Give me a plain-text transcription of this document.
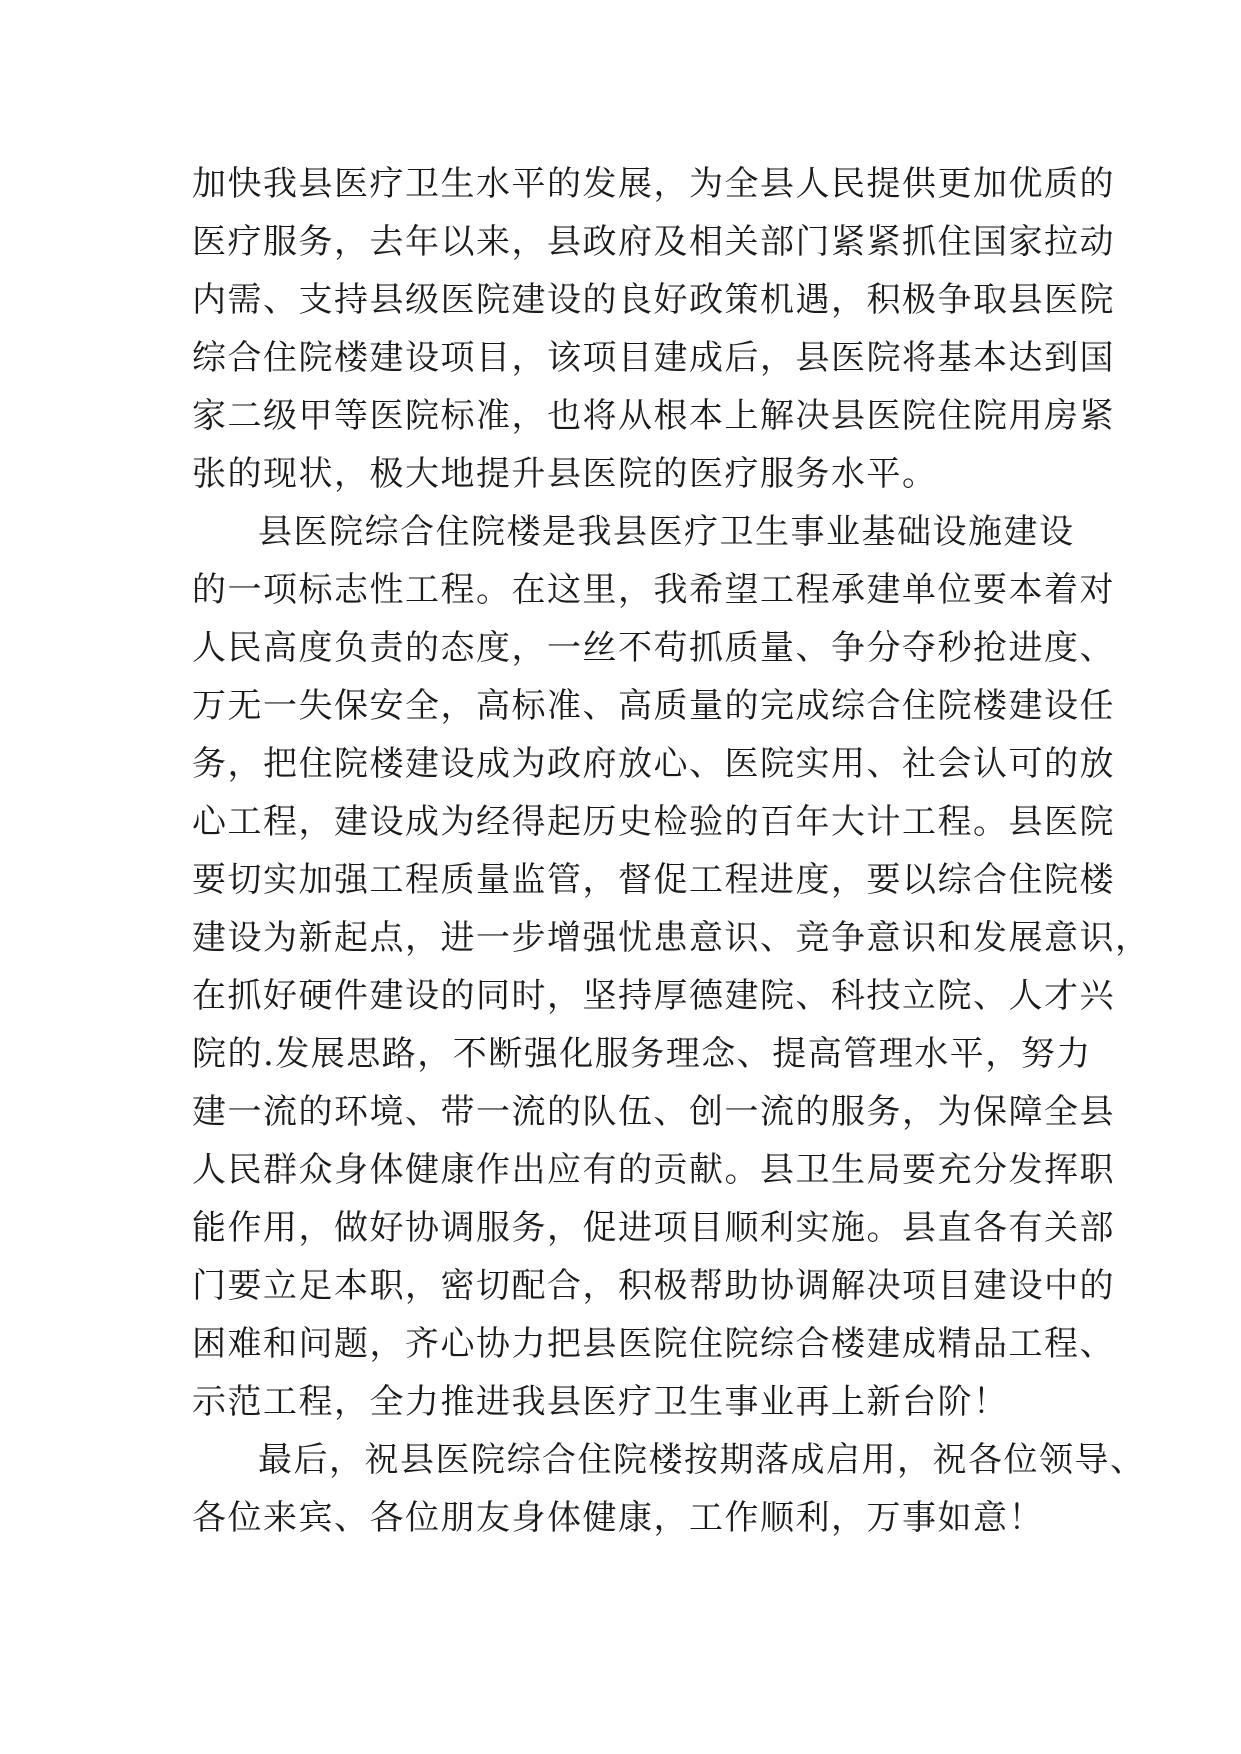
加快我县医疗卫生水平的发展，为全县人民提供更加优质的
医疗服务，去年以来，县政府及相关部门紧紧抓住国家拉动
内需、支持县级医院建设的良好政策机遇，积极争取县医院
综合住院楼建设项目，该项目建成后，县医院将基本达到国
家二级甲等医院标准，也将从根本上解决县医院住院用房紧
张的现状，极大地提升县医院的医疗服务水平。
县医院综合住院楼是我县医疗卫生事业基础设施建设
的一项标志性工程。在这里，我希望工程承建单位要本着对
人民高度负责的态度，一丝不苟抓质量、争分夺秒抢进度、
万无一失保安全，高标准、高质量的完成综合住院楼建设任
务，把住院楼建设成为政府放心、医院实用、社会认可的放
心工程，建设成为经得起历史检验的百年大计工程。县医院
要切实加强工程质量监管，督促工程进度，要以综合住院楼
建设为新起点，进一步增强忧患意识、竞争意识和发展意识，
在抓好硬件建设的同时，坚持厚德建院、科技立院、人才兴
院的.发展思路，不断强化服务理念、提高管理水平，努力
建一流的环境、带一流的队伍、创一流的服务，为保障全县
人民群众身体健康作出应有的贡献。县卫生局要充分发挥职
能作用，做好协调服务，促进项目顺利实施。县直各有关部
门要立足本职，密切配合，积极帮助协调解决项目建设中的
困难和问题，齐心协力把县医院住院综合楼建成精品工程、
示范工程，全力推进我县医疗卫生事业再上新台阶！
最后，祝县医院综合住院楼按期落成启用，祝各位领导、
各位来宾、各位朋友身体健康，工作顺利，万事如意！
